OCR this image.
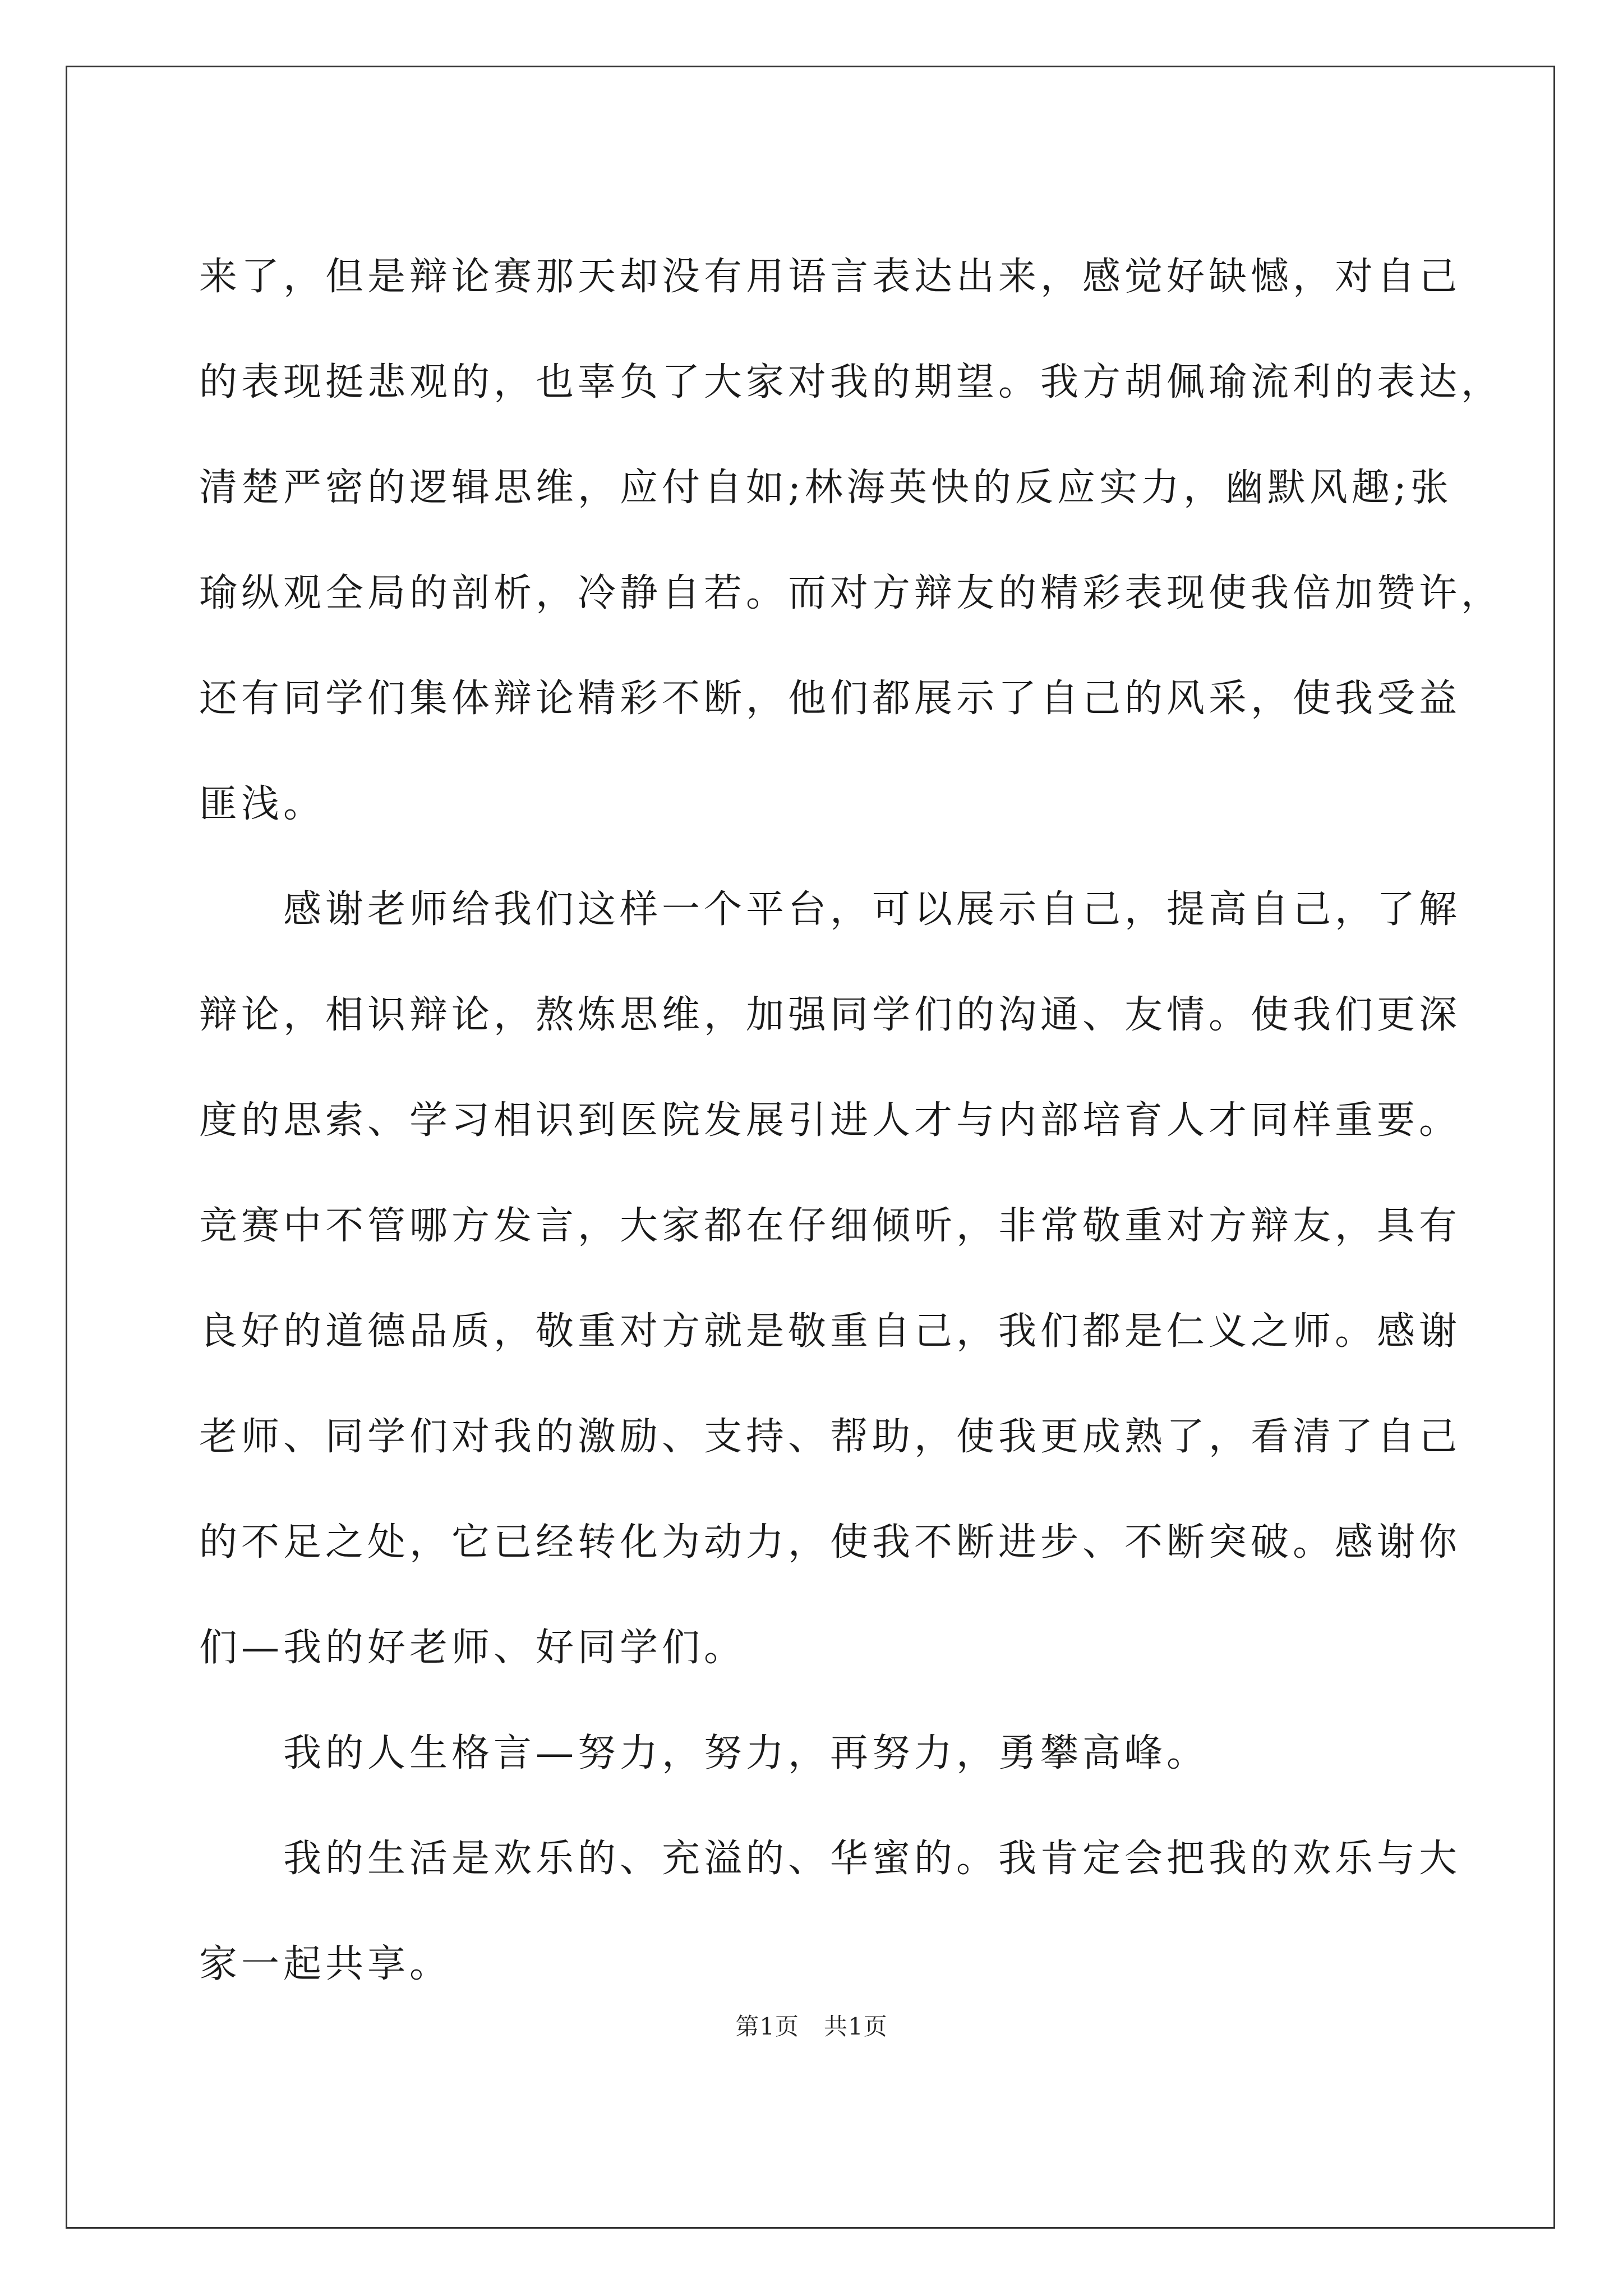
来了，但是辩论赛那天却没有用语言表达出来，感觉好缺憾，对自己
的表现挺悲观的，也辜负了大家对我的期望。我方胡佩瑜流利的表达，
清楚严密的逻辑思维，应付自如;林海英快的反应实力，幽默风趣;张
瑜纵观全局的剖析，冷静自若。而对方辩友的精彩表现使我倍加赞许，
还有同学们集体辩论精彩不断，他们都展示了自己的风采，使我受益
匪浅。
感谢老师给我们这样一个平台，可以展示自己，提高自己，了解
辩论，相识辩论，熬炼思维，加强同学们的沟通、友情。使我们更深
度的思索、学习相识到医院发展引进人才与内部培育人才同样重要。
竞赛中不管哪方发言，大家都在仔细倾听，非常敬重对方辩友，具有
良好的道德品质，敬重对方就是敬重自己，我们都是仁义之师。感谢
老师、同学们对我的激励、支持、帮助，使我更成熟了，看清了自己
的不足之处，它已经转化为动力，使我不断进步、不断突破。感谢你
们—我的好老师、好同学们。
我的人生格言—努力，努力，再努力，勇攀高峰。
我的生活是欢乐的、充溢的、华蜜的。我肯定会把我的欢乐与大
家一起共享。
第1页 共1页
